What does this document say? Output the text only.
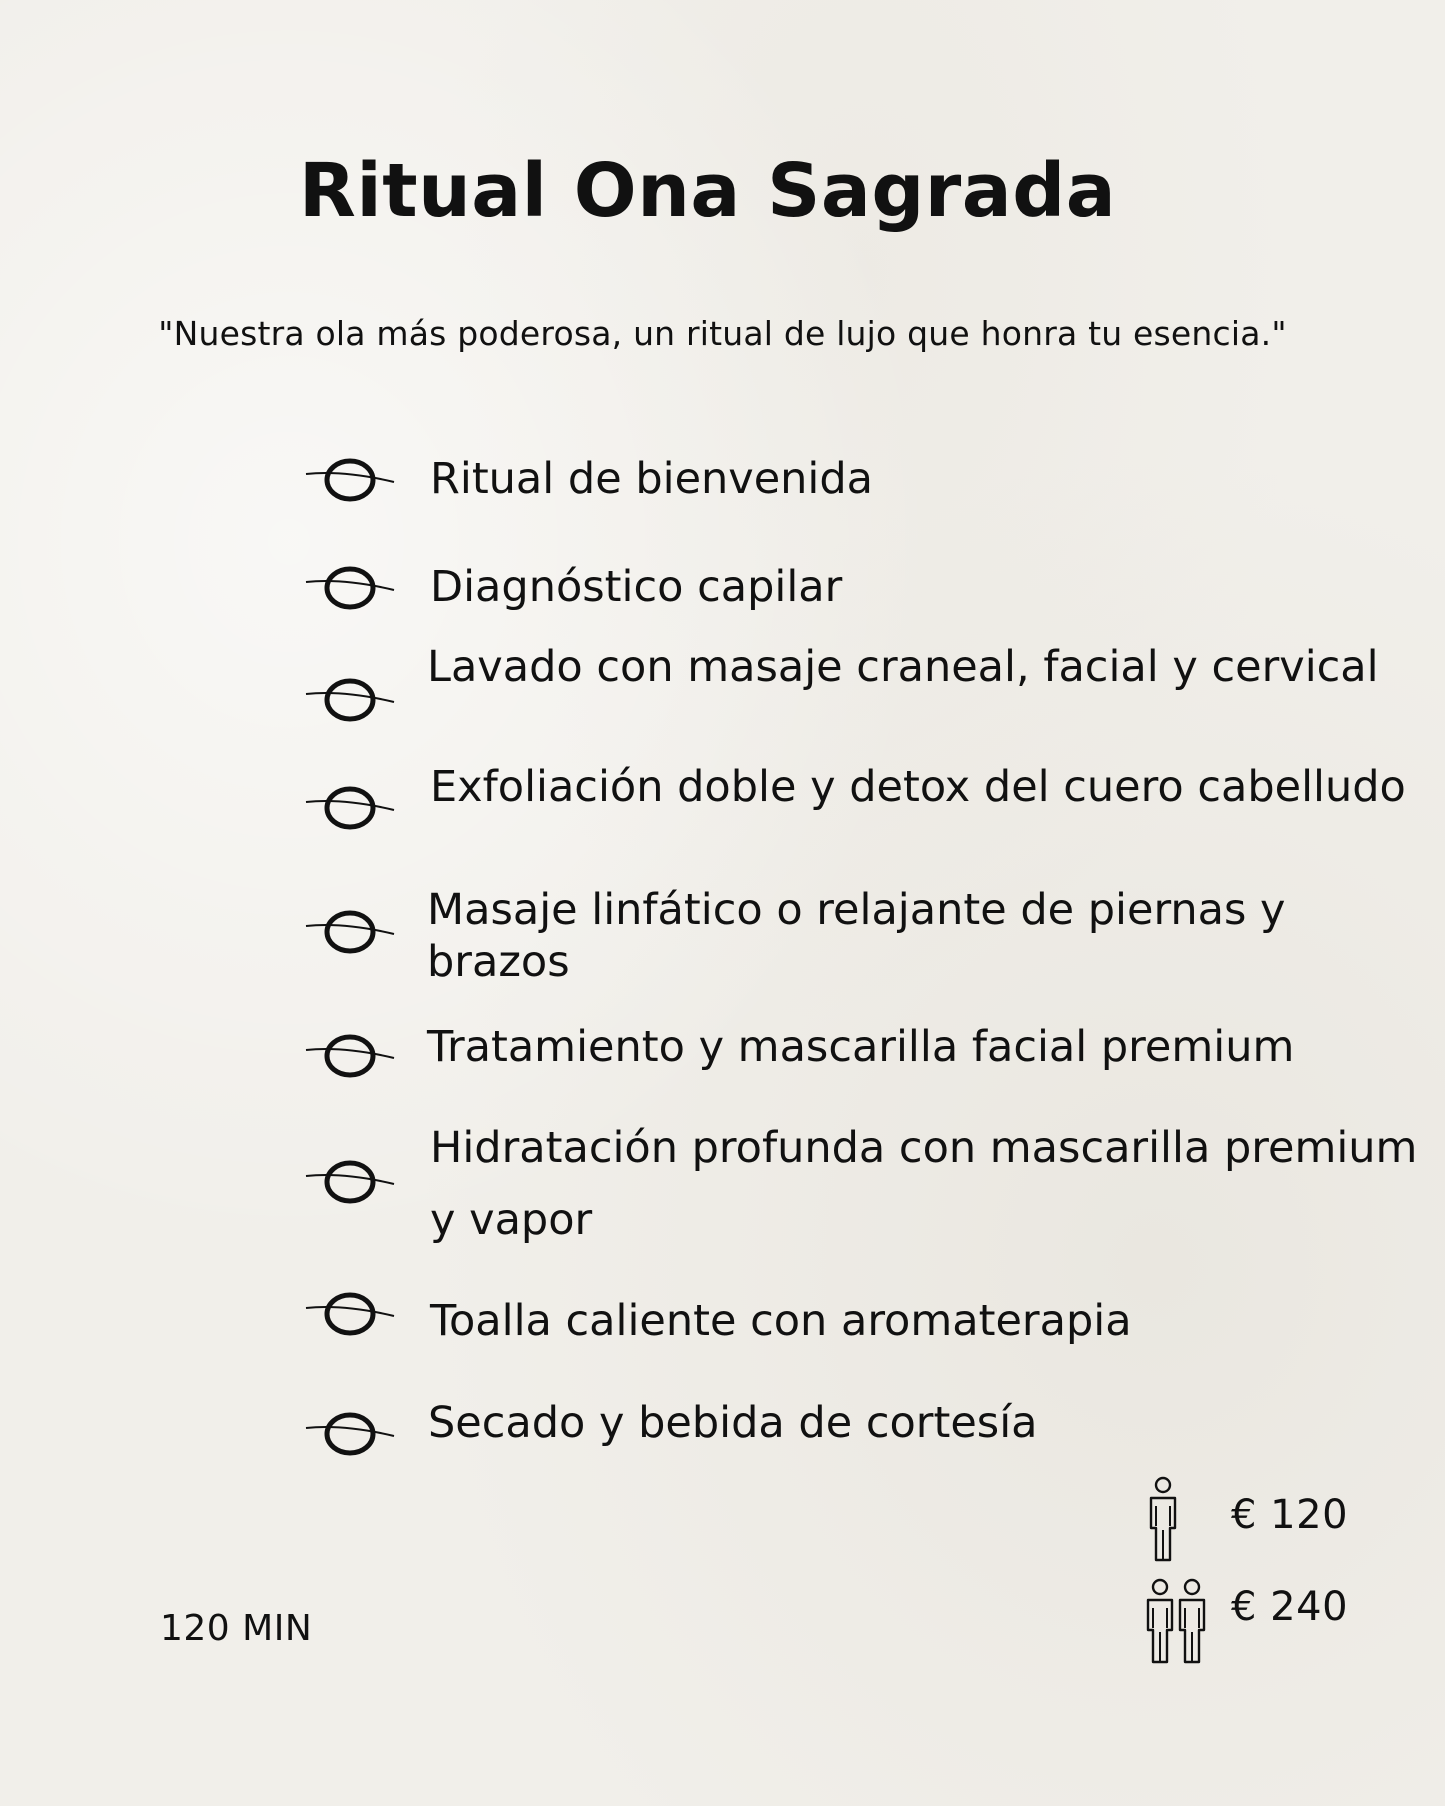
Ritual Ona Sagrada

"Nuestra ola más poderosa, un ritual de lujo que honra tu esencia."

Ritual de bienvenida
Diagnóstico capilar
Lavado con masaje craneal, facial y cervical
Exfoliación doble y detox del cuero cabelludo
Masaje linfático o relajante de piernas y brazos
Tratamiento y mascarilla facial premium
Hidratación profunda con mascarilla premium y vapor
Toalla caliente con aromaterapia
Secado y bebida de cortesía
120 MIN
€ 120
€ 240
